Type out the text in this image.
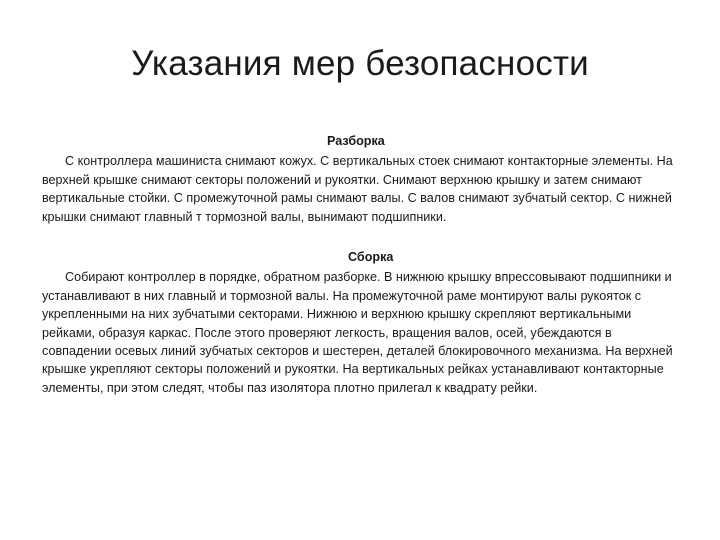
Указания мер безопасности

Разборка

С контроллера машиниста снимают кожух. С вертикальных стоек снимают контакторные элементы. На верхней крышке снимают секторы положений и рукоятки. Снимают верхнюю крышку и затем снимают вертикальные стойки. С промежуточной рамы снимают валы. С валов снимают зубчатый сектор. С нижней крышки снимают главный т тормозной валы, вынимают подшипники.

Сборка

Собирают контроллер в порядке, обратном разборке. В нижнюю крышку впрессовывают подшипники и устанавливают в них главный и тормозной валы. На промежуточной раме монтируют валы рукояток с укрепленными на них зубчатыми секторами. Нижнюю и верхнюю крышку скрепляют вертикальными рейками, образуя каркас. После этого проверяют легкость, вращения валов, осей, убеждаются в совпадении осевых линий зубчатых секторов и шестерен, деталей блокировочного механизма. На верхней крышке укрепляют секторы положений и рукоятки. На вертикальных рейках устанавливают контакторные элементы, при этом следят, чтобы паз изолятора плотно прилегал к квадрату рейки.
